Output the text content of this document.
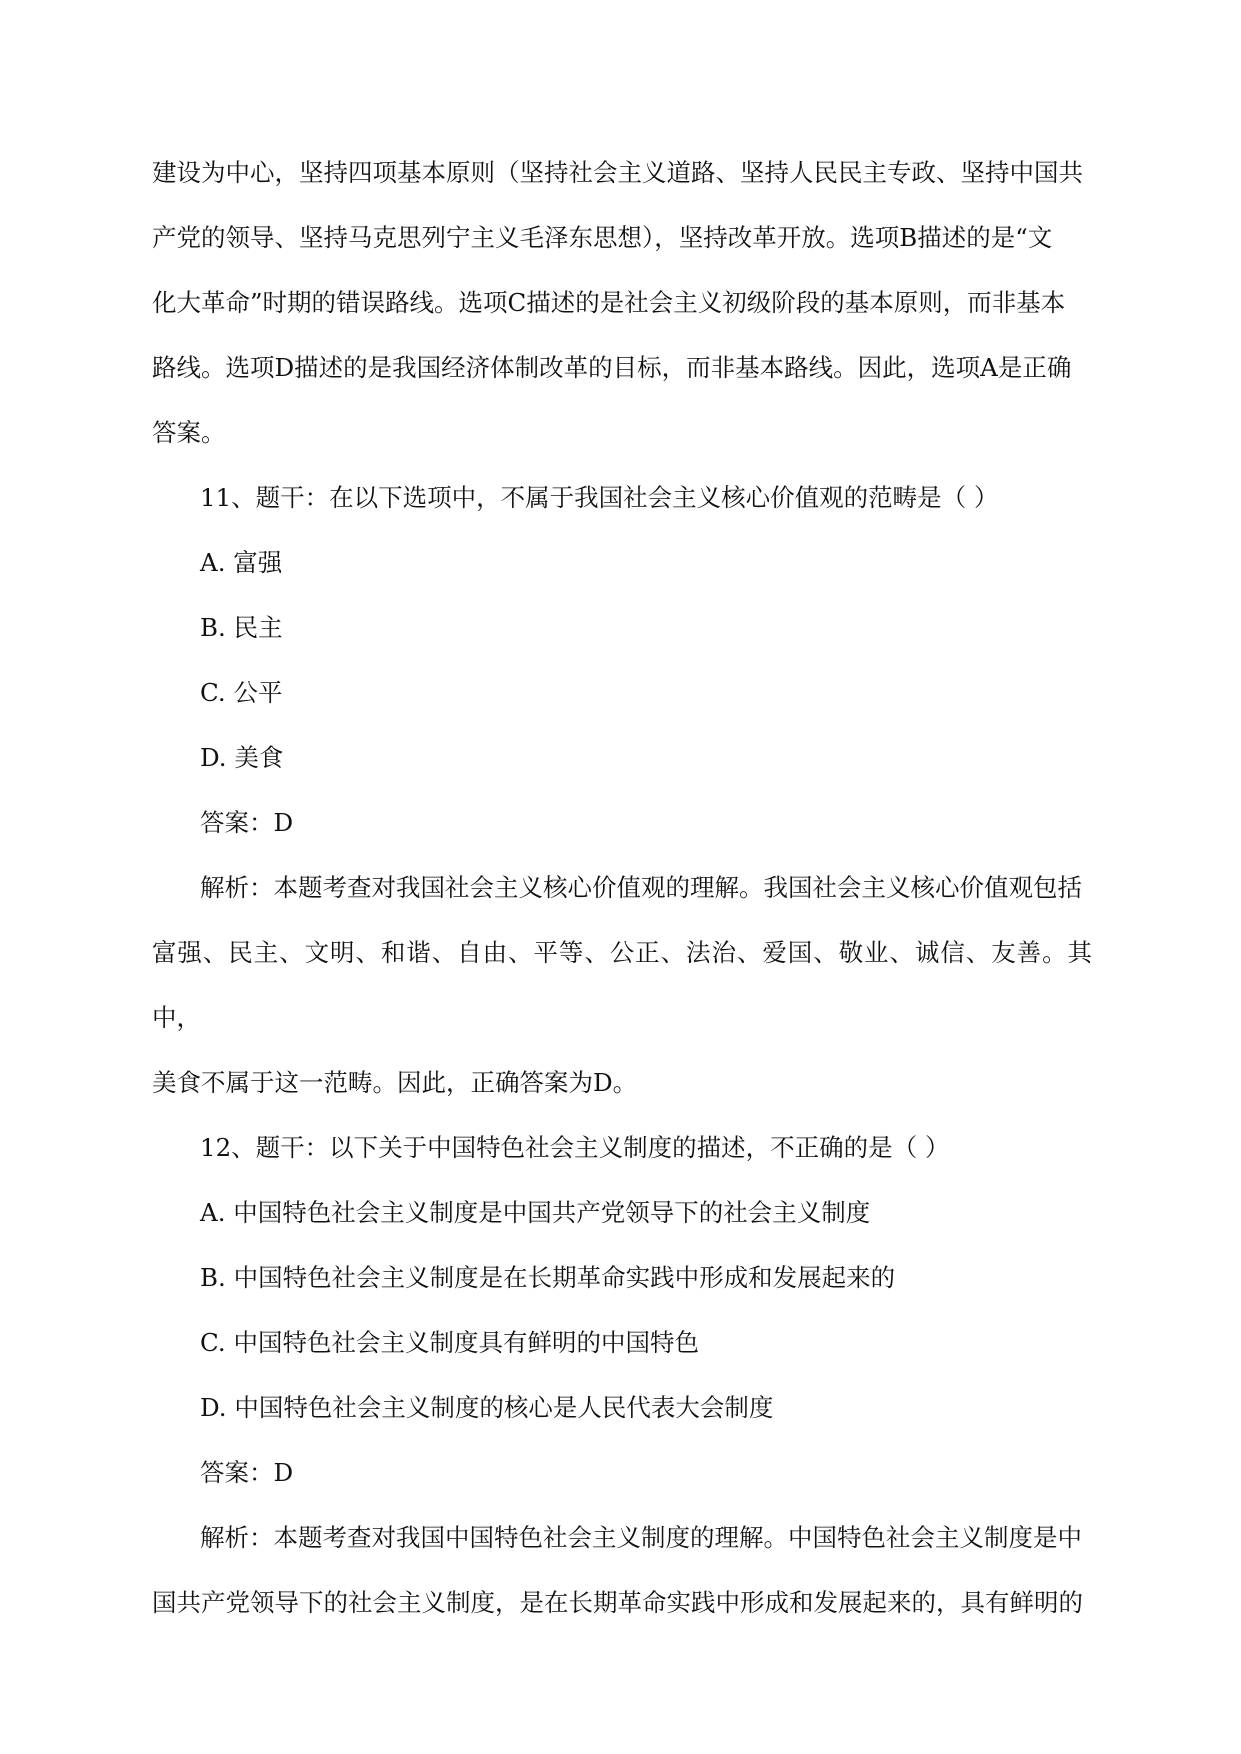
建设为中心，坚持四项基本原则（坚持社会主义道路、坚持人民民主专政、坚持中国共
产党的领导、坚持马克思列宁主义毛泽东思想），坚持改革开放。选项B描述的是“文
化大革命”时期的错误路线。选项C描述的是社会主义初级阶段的基本原则，而非基本
路线。选项D描述的是我国经济体制改革的目标，而非基本路线。因此，选项A是正确
答案。

11、题干：在以下选项中，不属于我国社会主义核心价值观的范畴是（ ）

A. 富强

B. 民主

C. 公平

D. 美食

答案：D

解析：本题考查对我国社会主义核心价值观的理解。我国社会主义核心价值观包括
富强、民主、文明、和谐、自由、平等、公正、法治、爱国、敬业、诚信、友善。其中，
美食不属于这一范畴。因此，正确答案为D。

12、题干：以下关于中国特色社会主义制度的描述，不正确的是（ ）

A. 中国特色社会主义制度是中国共产党领导下的社会主义制度

B. 中国特色社会主义制度是在长期革命实践中形成和发展起来的

C. 中国特色社会主义制度具有鲜明的中国特色

D. 中国特色社会主义制度的核心是人民代表大会制度

答案：D

解析：本题考查对我国中国特色社会主义制度的理解。中国特色社会主义制度是中
国共产党领导下的社会主义制度，是在长期革命实践中形成和发展起来的，具有鲜明的
